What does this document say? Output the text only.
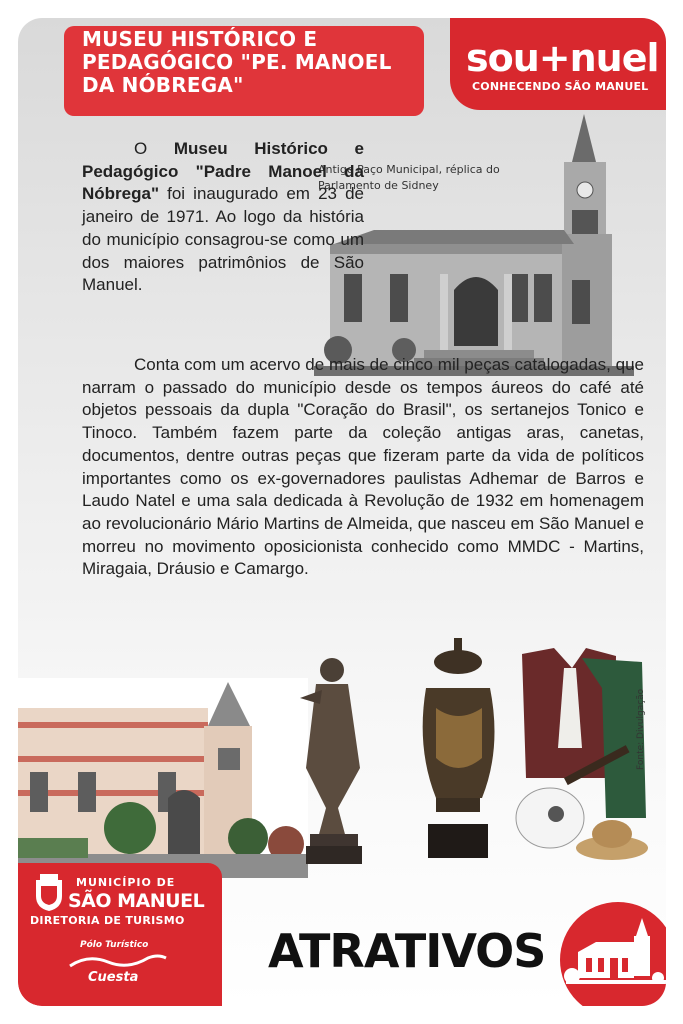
MUSEU HISTÓRICO E
PEDAGÓGICO "PE. MANOEL
DA NÓBREGA"
sou+nuel
CONHECENDO SÃO MANUEL
Antigo Paço Municipal, réplica do Parlamento de Sidney
O Museu Histórico e Pedagógico "Padre Manoel da Nóbrega" foi inaugurado em 23 de janeiro de 1971. Ao logo da história do município consagrou-se como um dos maiores patrimônios de São Manuel.
Conta com um acervo de mais de cinco mil peças catalogadas, que narram o passado do município desde os tempos áureos do café até objetos pessoais da dupla "Coração do Brasil", os sertanejos Tonico e Tinoco. Também fazem parte da coleção antigas aras, canetas, documentos, dentre outras peças que fizeram parte da vida de políticos importantes como os ex-governadores paulistas Adhemar de Barros e Laudo Natel e uma sala dedicada à Revolução de 1932 em homenagem ao revolucionário Mário Martins de Almeida, que nasceu em São Manuel e morreu no movimento oposicionista conhecido como MMDC - Martins, Miragaia, Dráusio e Camargo.
Fonte: Divulgação
MUNICÍPIO DE
SÃO MANUEL
DIRETORIA DE TURISMO
Pólo Turístico
Cuesta	ATRATIVOS
